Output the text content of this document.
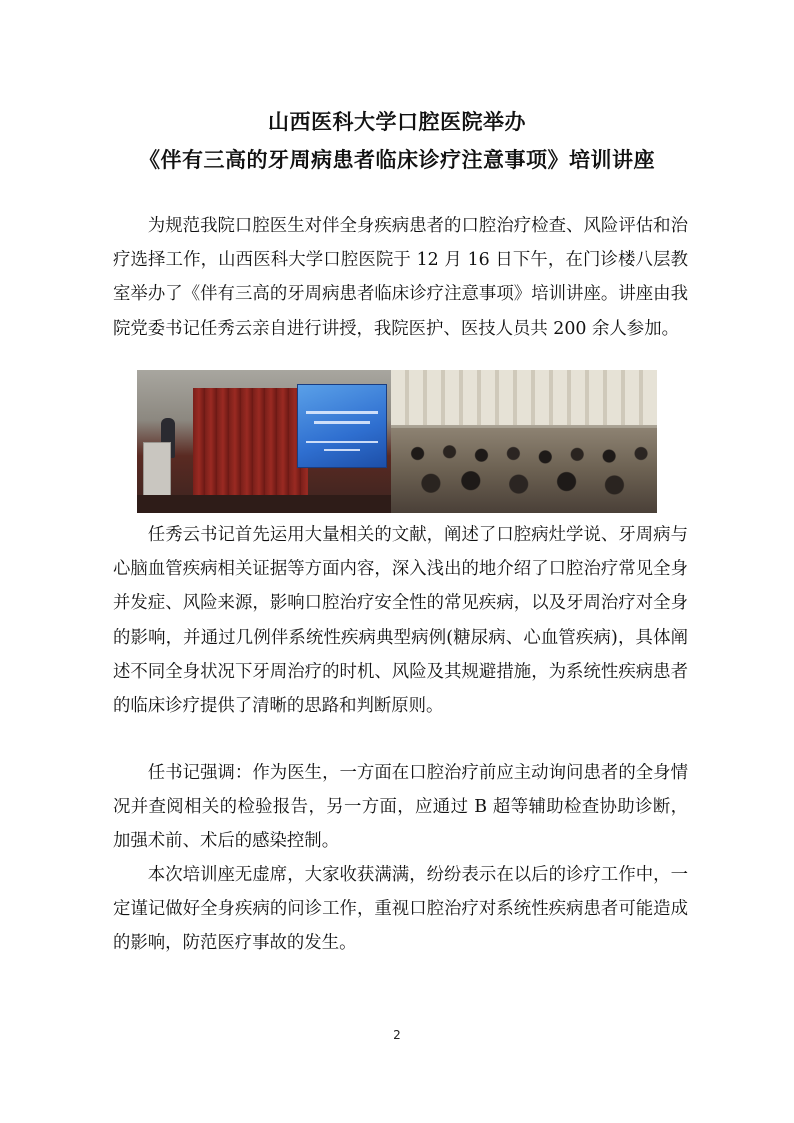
山西医科大学口腔医院举办
《伴有三高的牙周病患者临床诊疗注意事项》培训讲座

为规范我院口腔医生对伴全身疾病患者的口腔治疗检查、风险评估和治疗选择工作，山西医科大学口腔医院于 12 月 16 日下午，在门诊楼八层教室举办了《伴有三高的牙周病患者临床诊疗注意事项》培训讲座。讲座由我院党委书记任秀云亲自进行讲授，我院医护、医技人员共 200 余人参加。

任秀云书记首先运用大量相关的文献，阐述了口腔病灶学说、牙周病与心脑血管疾病相关证据等方面内容，深入浅出的地介绍了口腔治疗常见全身并发症、风险来源，影响口腔治疗安全性的常见疾病，以及牙周治疗对全身的影响，并通过几例伴系统性疾病典型病例(糖尿病、心血管疾病)，具体阐述不同全身状况下牙周治疗的时机、风险及其规避措施，为系统性疾病患者的临床诊疗提供了清晰的思路和判断原则。

任书记强调：作为医生，一方面在口腔治疗前应主动询问患者的全身情况并查阅相关的检验报告，另一方面，应通过 B 超等辅助检查协助诊断，加强术前、术后的感染控制。

本次培训座无虚席，大家收获满满，纷纷表示在以后的诊疗工作中，一定谨记做好全身疾病的问诊工作，重视口腔治疗对系统性疾病患者可能造成的影响，防范医疗事故的发生。

2
